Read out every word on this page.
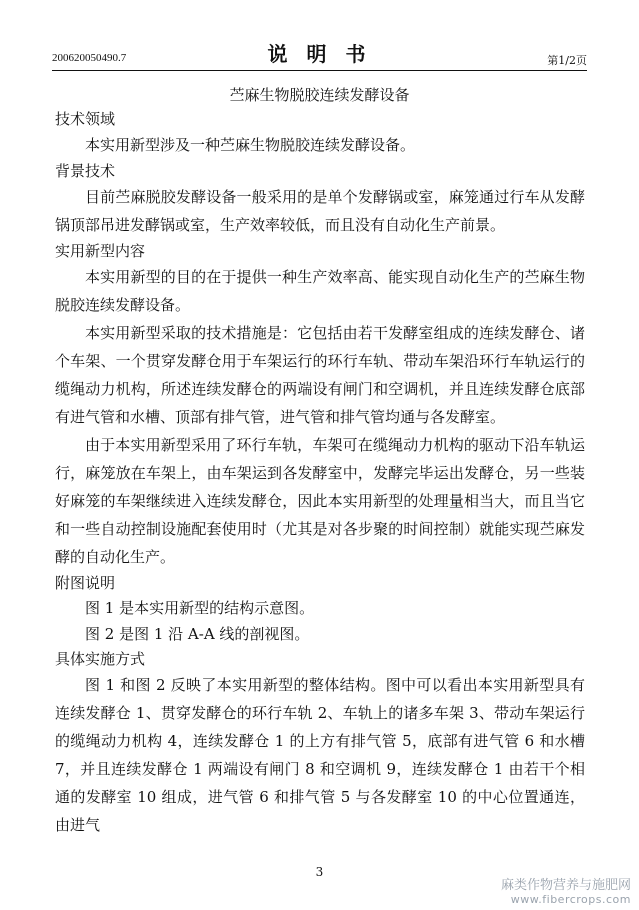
200620050490.7	说 明 书	第1/2页
苎麻生物脱胶连续发酵设备
技术领域

本实用新型涉及一种苎麻生物脱胶连续发酵设备。

背景技术

目前苎麻脱胶发酵设备一般采用的是单个发酵锅或室，麻笼通过行车从发酵锅顶部吊进发酵锅或室，生产效率较低，而且没有自动化生产前景。

实用新型内容

本实用新型的目的在于提供一种生产效率高、能实现自动化生产的苎麻生物脱胶连续发酵设备。

本实用新型采取的技术措施是：它包括由若干发酵室组成的连续发酵仓、诸个车架、一个贯穿发酵仓用于车架运行的环行车轨、带动车架沿环行车轨运行的缆绳动力机构，所述连续发酵仓的两端设有闸门和空调机，并且连续发酵仓底部有进气管和水槽、顶部有排气管，进气管和排气管均通与各发酵室。

由于本实用新型采用了环行车轨，车架可在缆绳动力机构的驱动下沿车轨运行，麻笼放在车架上，由车架运到各发酵室中，发酵完毕运出发酵仓，另一些装好麻笼的车架继续进入连续发酵仓，因此本实用新型的处理量相当大，而且当它和一些自动控制设施配套使用时（尤其是对各步聚的时间控制）就能实现苎麻发酵的自动化生产。

附图说明

图 1 是本实用新型的结构示意图。

图 2 是图 1 沿 A-A 线的剖视图。

具体实施方式

图 1 和图 2 反映了本实用新型的整体结构。图中可以看出本实用新型具有连续发酵仓 1、贯穿发酵仓的环行车轨 2、车轨上的诸多车架 3、带动车架运行的缆绳动力机构 4，连续发酵仓 1 的上方有排气管 5，底部有进气管 6 和水槽 7，并且连续发酵仓 1 两端设有闸门 8 和空调机 9，连续发酵仓 1 由若干个相通的发酵室 10 组成，进气管 6 和排气管 5 与各发酵室 10 的中心位置通连，由进气

3
麻类作物营养与施肥网
www.fibercrops.com
